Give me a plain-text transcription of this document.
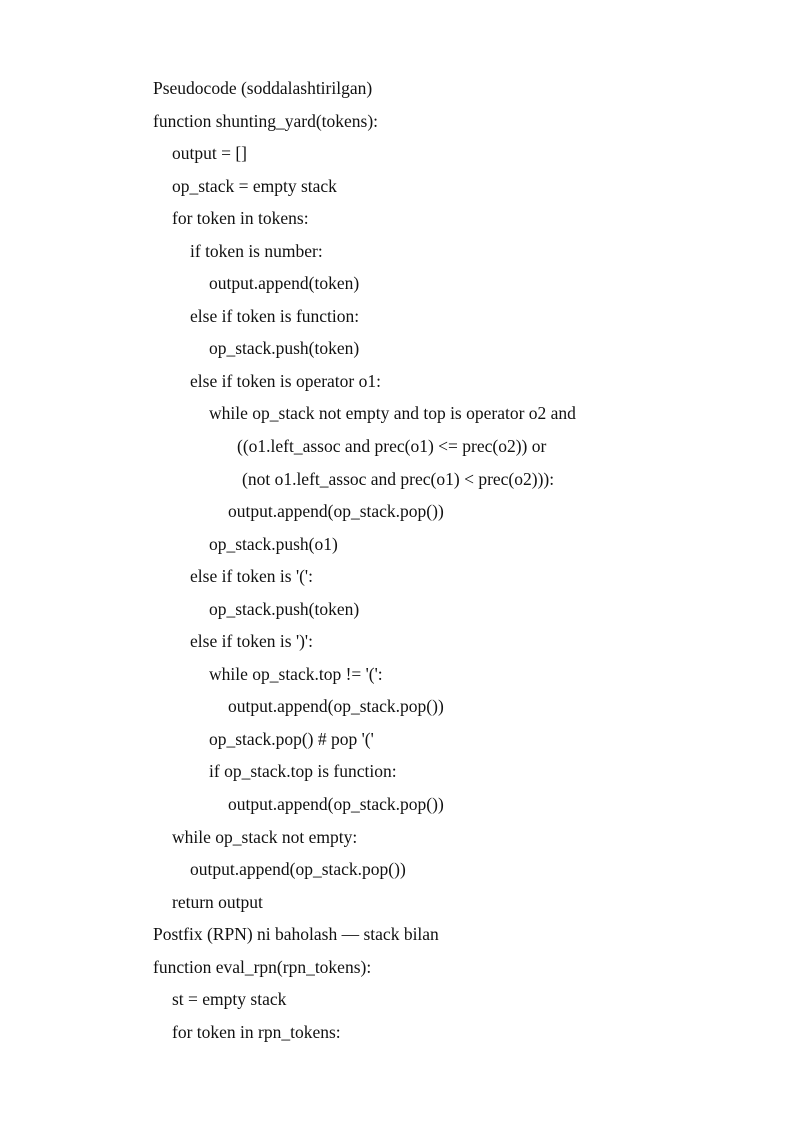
Pseudocode (soddalashtirilgan)
function shunting_yard(tokens):
output = []
op_stack = empty stack
for token in tokens:
if token is number:
output.append(token)
else if token is function:
op_stack.push(token)
else if token is operator o1:
while op_stack not empty and top is operator o2 and
((o1.left_assoc and prec(o1) <= prec(o2)) or
(not o1.left_assoc and prec(o1) < prec(o2))):
output.append(op_stack.pop())
op_stack.push(o1)
else if token is '(':
op_stack.push(token)
else if token is ')':
while op_stack.top != '(':
output.append(op_stack.pop())
op_stack.pop() # pop '('
if op_stack.top is function:
output.append(op_stack.pop())
while op_stack not empty:
output.append(op_stack.pop())
return output
Postfix (RPN) ni baholash — stack bilan
function eval_rpn(rpn_tokens):
st = empty stack
for token in rpn_tokens:
